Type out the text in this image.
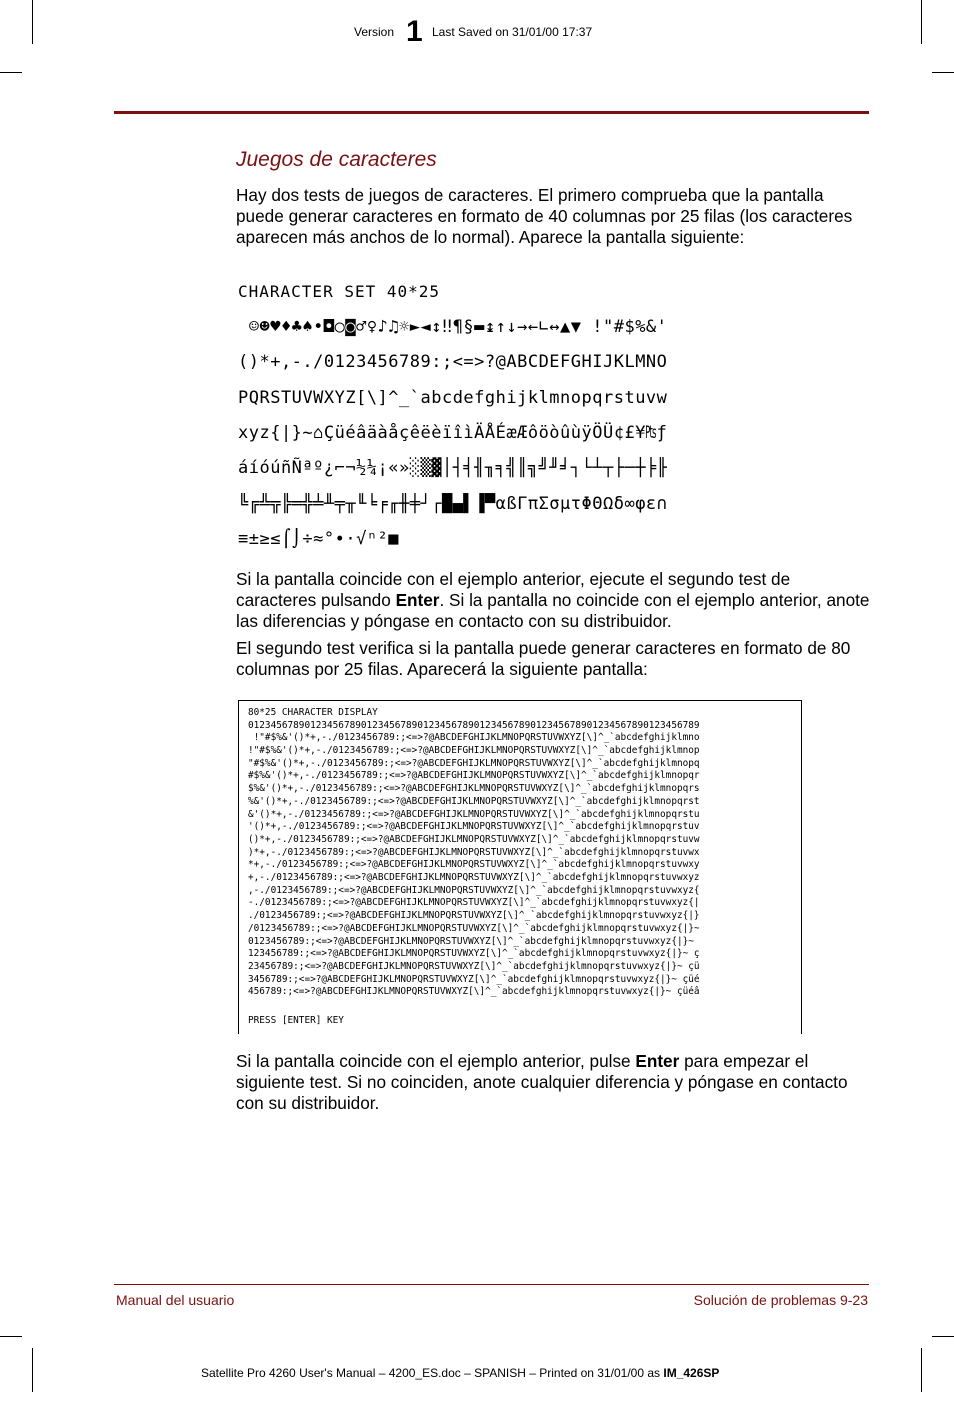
Version 1 Last Saved on 31/01/00 17:37
Juegos de caracteres

Hay dos tests de juegos de caracteres. El primero comprueba que la pantalla puede generar caracteres en formato de 40 columnas por 25 filas (los caracteres aparecen más anchos de lo normal). Aparece la pantalla siguiente:

CHARACTER SET 40*25
☺☻♥♦♣♠•◘○◙♂♀♪♫☼►◄↕‼¶§▬↨↑↓→←∟↔▲▼ !"#$%&'
()*+,-./0123456789:;<=>?@ABCDEFGHIJKLMNO
PQRSTUVWXYZ[\]^_`abcdefghijklmnopqrstuvw
xyz{|}~⌂ÇüéâäàåçêëèïîìÄÅÉæÆôöòûùÿÖÜ¢£¥₧ƒ
áíóúñÑªº¿⌐¬½¼¡«»░▒▓│┤╡╢╖╕╣║╗╝╜╛┐└┴┬├─┼╞╟
╚╔╩╦╠═╬╧╨╤╥╙╘╒╓╫╪┘┌█▄▌▐▀αßΓπΣσµτΦΘΩδ∞φε∩
≡±≥≤⌠⌡÷≈°∙·√ⁿ²■

Si la pantalla coincide con el ejemplo anterior, ejecute el segundo test de caracteres pulsando Enter. Si la pantalla no coincide con el ejemplo anterior, anote las diferencias y póngase en contacto con su distribuidor.

El segundo test verifica si la pantalla puede generar caracteres en formato de 80 columnas por 25 filas. Aparecerá la siguiente pantalla:

80*25 CHARACTER DISPLAY
01234567890123456789012345678901234567890123456789012345678901234567890123456789
!"#$%&'()*+,-./0123456789:;<=>?@ABCDEFGHIJKLMNOPQRSTUVWXYZ[\]^_`abcdefghijklmno
!"#$%&'()*+,-./0123456789:;<=>?@ABCDEFGHIJKLMNOPQRSTUVWXYZ[\]^_`abcdefghijklmnop
"#$%&'()*+,-./0123456789:;<=>?@ABCDEFGHIJKLMNOPQRSTUVWXYZ[\]^_`abcdefghijklmnopq
#$%&'()*+,-./0123456789:;<=>?@ABCDEFGHIJKLMNOPQRSTUVWXYZ[\]^_`abcdefghijklmnopqr
$%&'()*+,-./0123456789:;<=>?@ABCDEFGHIJKLMNOPQRSTUVWXYZ[\]^_`abcdefghijklmnopqrs
%&'()*+,-./0123456789:;<=>?@ABCDEFGHIJKLMNOPQRSTUVWXYZ[\]^_`abcdefghijklmnopqrst
&'()*+,-./0123456789:;<=>?@ABCDEFGHIJKLMNOPQRSTUVWXYZ[\]^_`abcdefghijklmnopqrstu
'()*+,-./0123456789:;<=>?@ABCDEFGHIJKLMNOPQRSTUVWXYZ[\]^_`abcdefghijklmnopqrstuv
()*+,-./0123456789:;<=>?@ABCDEFGHIJKLMNOPQRSTUVWXYZ[\]^_`abcdefghijklmnopqrstuvw
)*+,-./0123456789:;<=>?@ABCDEFGHIJKLMNOPQRSTUVWXYZ[\]^_`abcdefghijklmnopqrstuvwx
*+,-./0123456789:;<=>?@ABCDEFGHIJKLMNOPQRSTUVWXYZ[\]^_`abcdefghijklmnopqrstuvwxy
+,-./0123456789:;<=>?@ABCDEFGHIJKLMNOPQRSTUVWXYZ[\]^_`abcdefghijklmnopqrstuvwxyz
,-./0123456789:;<=>?@ABCDEFGHIJKLMNOPQRSTUVWXYZ[\]^_`abcdefghijklmnopqrstuvwxyz{
-./0123456789:;<=>?@ABCDEFGHIJKLMNOPQRSTUVWXYZ[\]^_`abcdefghijklmnopqrstuvwxyz{|
./0123456789:;<=>?@ABCDEFGHIJKLMNOPQRSTUVWXYZ[\]^_`abcdefghijklmnopqrstuvwxyz{|}
/0123456789:;<=>?@ABCDEFGHIJKLMNOPQRSTUVWXYZ[\]^_`abcdefghijklmnopqrstuvwxyz{|}~
0123456789:;<=>?@ABCDEFGHIJKLMNOPQRSTUVWXYZ[\]^_`abcdefghijklmnopqrstuvwxyz{|}~
123456789:;<=>?@ABCDEFGHIJKLMNOPQRSTUVWXYZ[\]^_`abcdefghijklmnopqrstuvwxyz{|}~ ç
23456789:;<=>?@ABCDEFGHIJKLMNOPQRSTUVWXYZ[\]^_`abcdefghijklmnopqrstuvwxyz{|}~ çü
3456789:;<=>?@ABCDEFGHIJKLMNOPQRSTUVWXYZ[\]^_`abcdefghijklmnopqrstuvwxyz{|}~ çüé
456789:;<=>?@ABCDEFGHIJKLMNOPQRSTUVWXYZ[\]^_`abcdefghijklmnopqrstuvwxyz{|}~ çüéâ
PRESS [ENTER] KEY

Si la pantalla coincide con el ejemplo anterior, pulse Enter para empezar el siguiente test. Si no coinciden, anote cualquier diferencia y póngase en contacto con su distribuidor.

Manual del usuario	Solución de problemas 9-23
Satellite Pro 4260 User's Manual – 4200_ES.doc – SPANISH – Printed on 31/01/00 as IM_426SP
